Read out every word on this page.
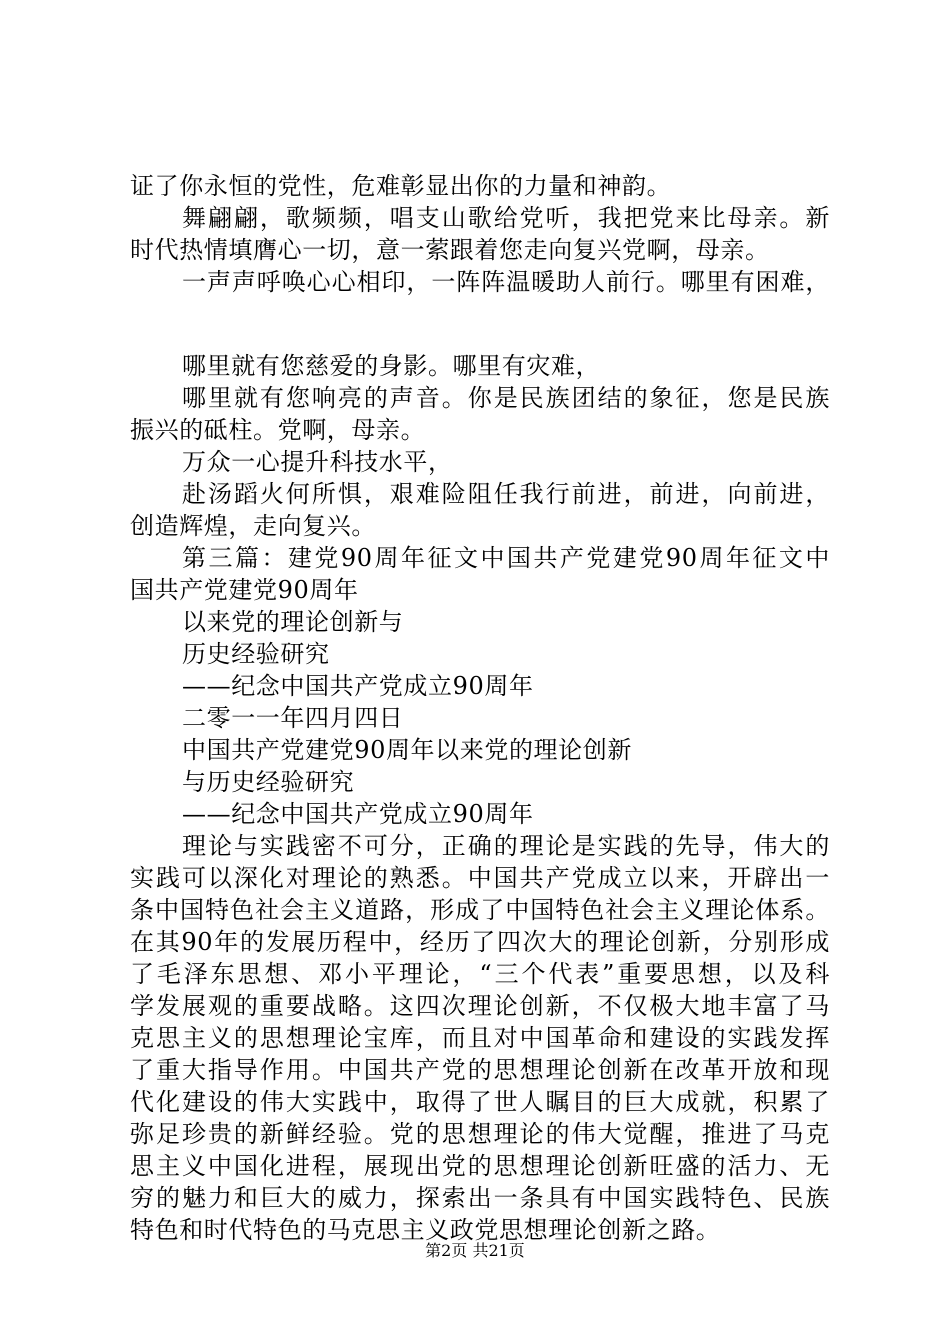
证了你永恒的党性，危难彰显出你的力量和神韵。
舞翩翩，歌频频，唱支山歌给党听，我把党来比母亲。新
时代热情填膺心一切，意一萦跟着您走向复兴党啊，母亲。
一声声呼唤心心相印，一阵阵温暖助人前行。哪里有困难，
哪里就有您慈爱的身影。哪里有灾难，
哪里就有您响亮的声音。你是民族团结的象征，您是民族
振兴的砥柱。党啊，母亲。
万众一心提升科技水平，
赴汤蹈火何所惧，艰难险阻任我行前进，前进，向前进，
创造辉煌，走向复兴。
第三篇：建党90周年征文中国共产党建党90周年征文中
国共产党建党90周年
以来党的理论创新与
历史经验研究
——纪念中国共产党成立90周年
二零一一年四月四日
中国共产党建党90周年以来党的理论创新
与历史经验研究
——纪念中国共产党成立90周年
理论与实践密不可分，正确的理论是实践的先导，伟大的
实践可以深化对理论的熟悉。中国共产党成立以来，开辟出一
条中国特色社会主义道路，形成了中国特色社会主义理论体系。
在其90年的发展历程中，经历了四次大的理论创新，分别形成
了毛泽东思想、邓小平理论，“三个代表”重要思想，以及科
学发展观的重要战略。这四次理论创新，不仅极大地丰富了马
克思主义的思想理论宝库，而且对中国革命和建设的实践发挥
了重大指导作用。中国共产党的思想理论创新在改革开放和现
代化建设的伟大实践中，取得了世人瞩目的巨大成就，积累了
弥足珍贵的新鲜经验。党的思想理论的伟大觉醒，推进了马克
思主义中国化进程，展现出党的思想理论创新旺盛的活力、无
穷的魅力和巨大的威力，探索出一条具有中国实践特色、民族
特色和时代特色的马克思主义政党思想理论创新之路。
第2页 共21页
